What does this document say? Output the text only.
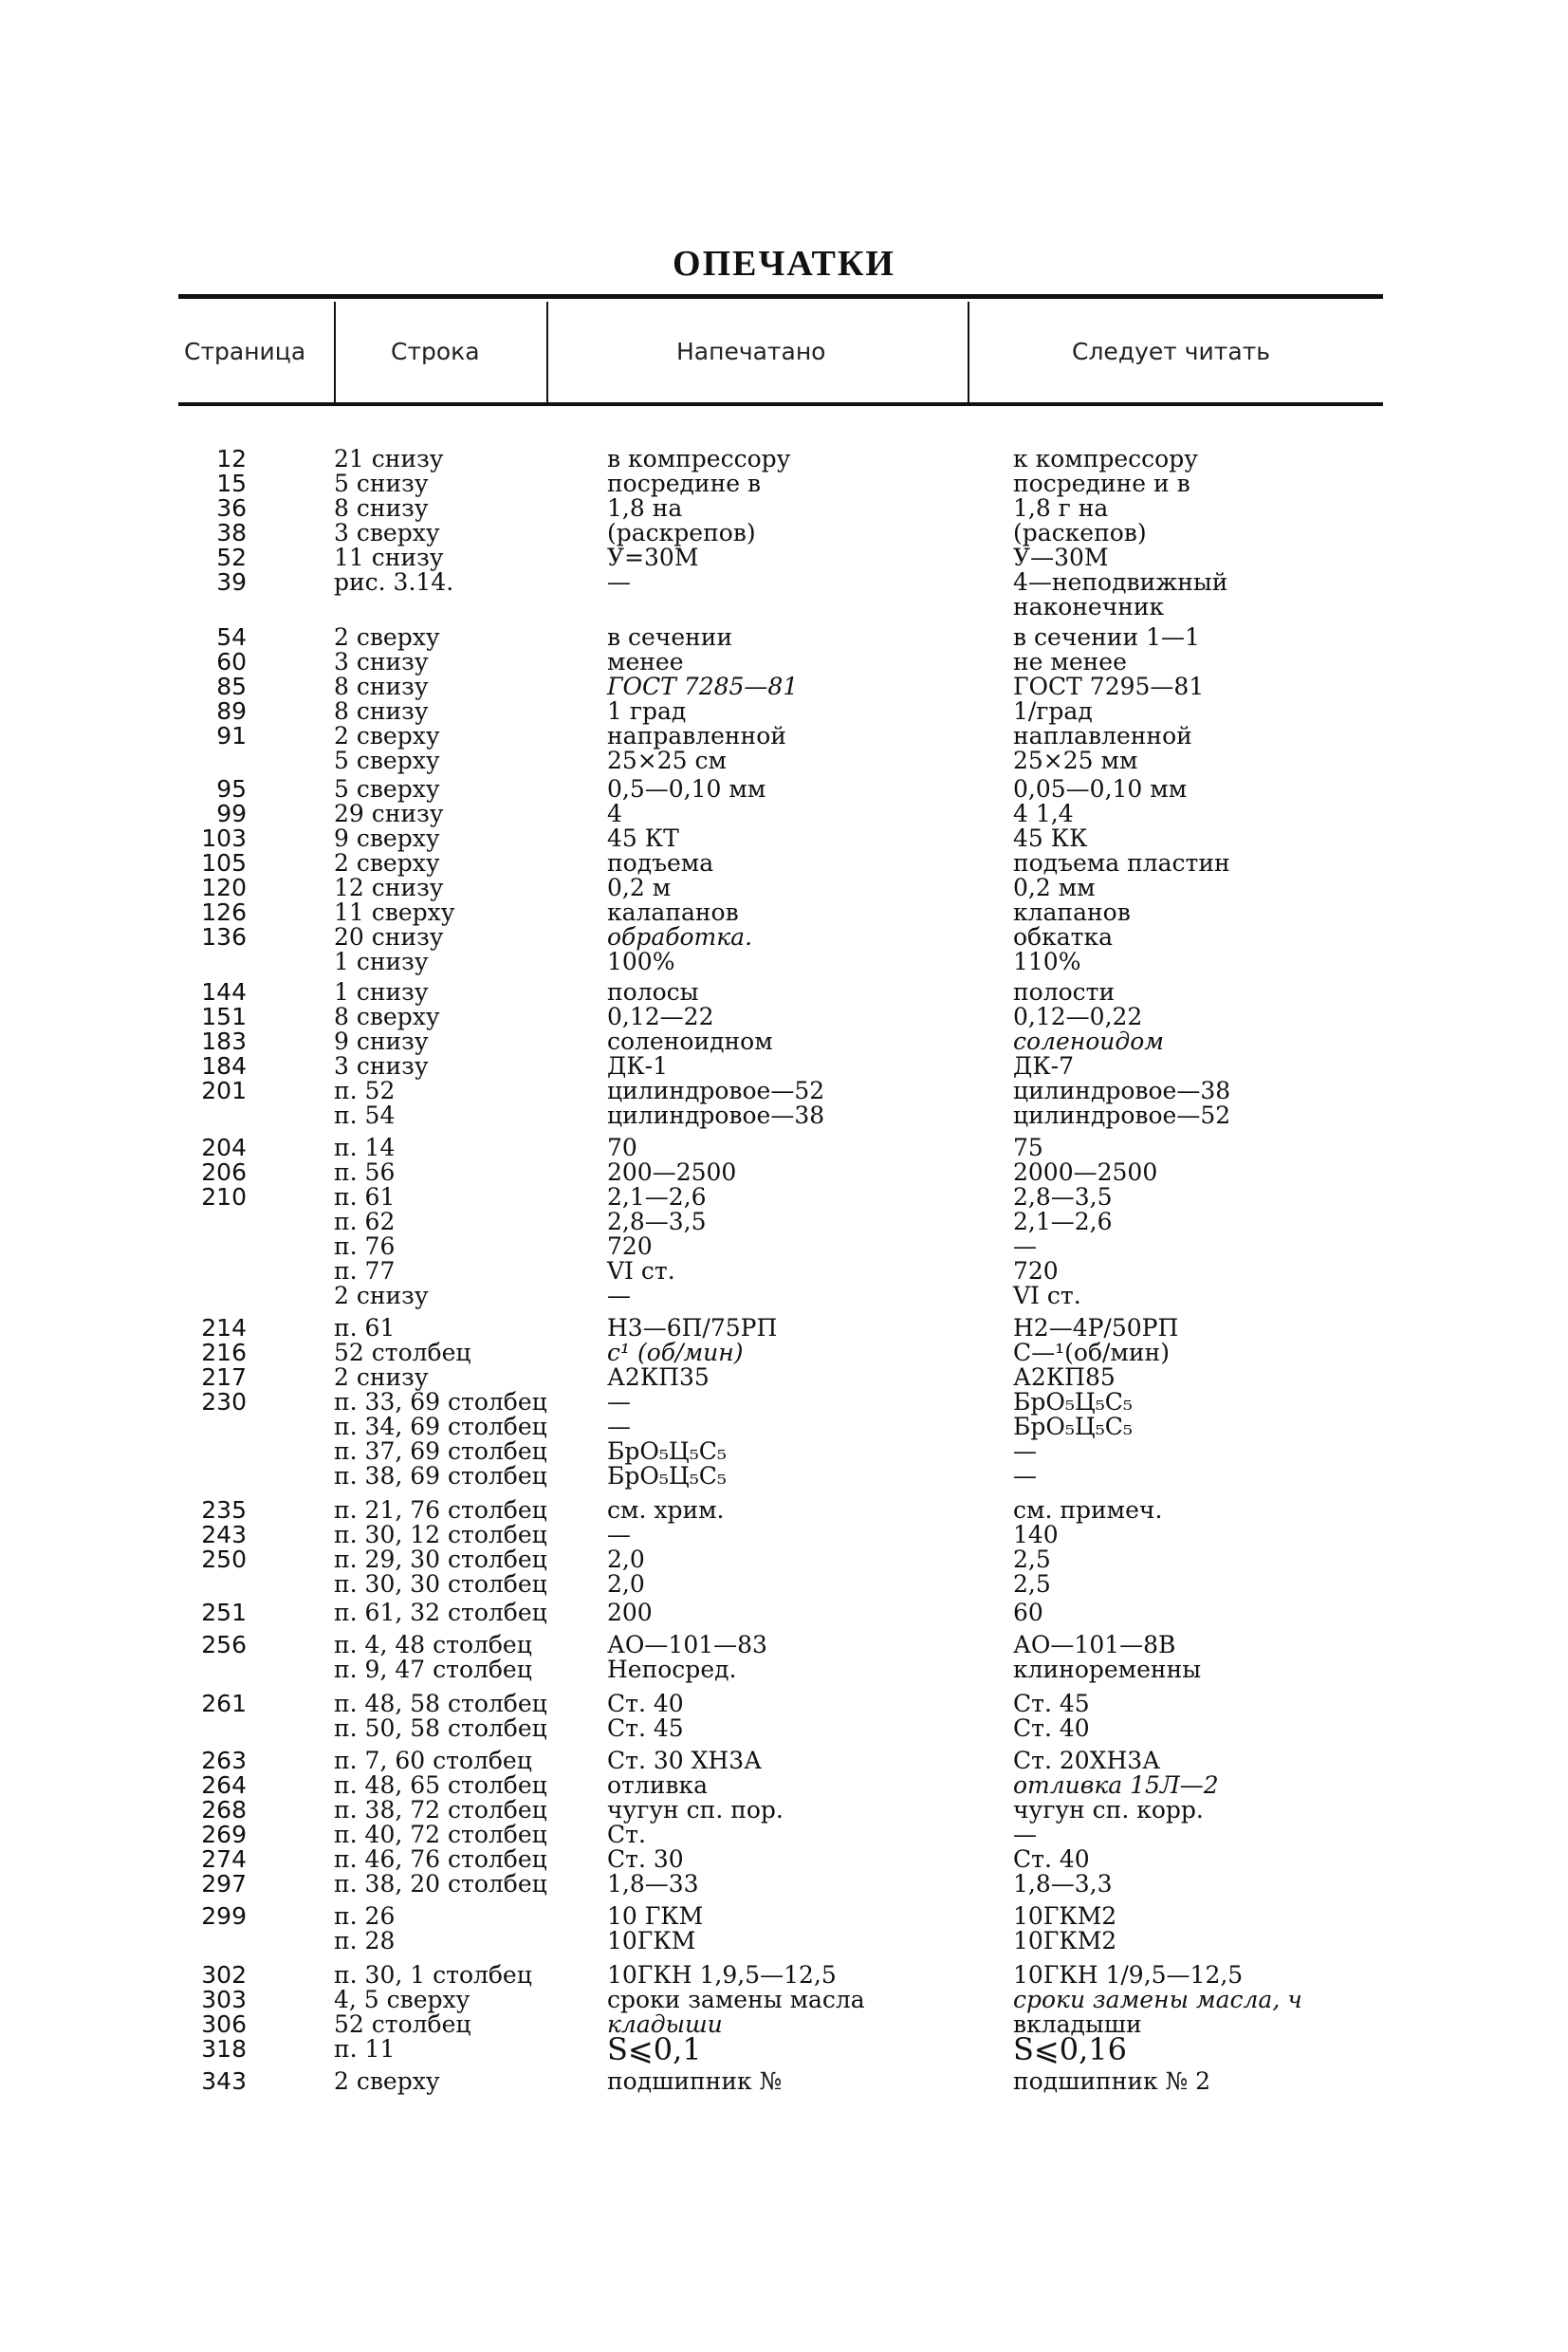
ОПЕЧАТКИ
Страница	Строка	Напечатано	Следует читать
12	21 снизу	в компрессору	к компрессору
15	5 снизу	посредине в	посредине и в
36	8 снизу	1,8 на	1,8 г на
38	3 сверху	(раскрепов)	(раскепов)
52	11 снизу	У=30М	У—30М
39	рис. 3.14.	—	4—неподвижный
наконечник
54	2 сверху	в сечении	в сечении 1—1
60	3 снизу	менее	не менее
85	8 снизу	ГОСТ 7285—81	ГОСТ 7295—81
89	8 снизу	1 град	1/град
91	2 сверху	направленной	наплавленной
5 сверху	25×25 см	25×25 мм
95	5 сверху	0,5—0,10 мм	0,05—0,10 мм
99	29 снизу	4	4 1,4
103	9 сверху	45 КТ	45 КК
105	2 сверху	подъема	подъема пластин
120	12 снизу	0,2 м	0,2 мм
126	11 сверху	калапанов	клапанов
136	20 снизу	обработка.	обкатка
1 снизу	100%	110%
144	1 снизу	полосы	полости
151	8 сверху	0,12—22	0,12—0,22
183	9 снизу	соленоидном	соленоидом
184	3 снизу	ДК-1	ДК-7
201	п. 52	цилиндровое—52	цилиндровое—38
п. 54	цилиндровое—38	цилиндровое—52
204	п. 14	70	75
206	п. 56	200—2500	2000—2500
210	п. 61	2,1—2,6	2,8—3,5
п. 62	2,8—3,5	2,1—2,6
п. 76	720	—
п. 77	VI ст.	720
2 снизу	—	VI ст.
214	п. 61	Н3—6П/75РП	Н2—4Р/50РП
216	52 столбец	с¹ (об/мин)	С—¹(об/мин)
217	2 снизу	А2КП35	А2КП85
230	п. 33, 69 столбец	—	БрО₅Ц₅С₅
п. 34, 69 столбец	—	БрО₅Ц₅С₅
п. 37, 69 столбец	БрО₅Ц₅С₅	—
п. 38, 69 столбец	БрО₅Ц₅С₅	—
235	п. 21, 76 столбец	см. хрим.	см. примеч.
243	п. 30, 12 столбец	—	140
250	п. 29, 30 столбец	2,0	2,5
п. 30, 30 столбец	2,0	2,5
251	п. 61, 32 столбец	200	60
256	п. 4, 48 столбец	АО—101—83	АО—101—8В
п. 9, 47 столбец	Непосред.	клиноременны
261	п. 48, 58 столбец	Ст. 40	Ст. 45
п. 50, 58 столбец	Ст. 45	Ст. 40
263	п. 7, 60 столбец	Ст. 30 ХН3А	Ст. 20ХН3А
264	п. 48, 65 столбец	отливка	отливка 15Л—2
268	п. 38, 72 столбец	чугун сп. пор.	чугун сп. корр.
269	п. 40, 72 столбец	Ст.	—
274	п. 46, 76 столбец	Ст. 30	Ст. 40
297	п. 38, 20 столбец	1,8—33	1,8—3,3
299	п. 26	10 ГКМ	10ГКМ2
п. 28	10ГКМ	10ГКМ2
302	п. 30, 1 столбец	10ГКН 1,9,5—12,5	10ГКН 1/9,5—12,5
303	4, 5 сверху	сроки замены масла	сроки замены масла, ч
306	52 столбец	кладыши	вкладыши
318	п. 11	S⩽0,1	S⩽0,16
343	2 сверху	подшипник №	подшипник № 2
